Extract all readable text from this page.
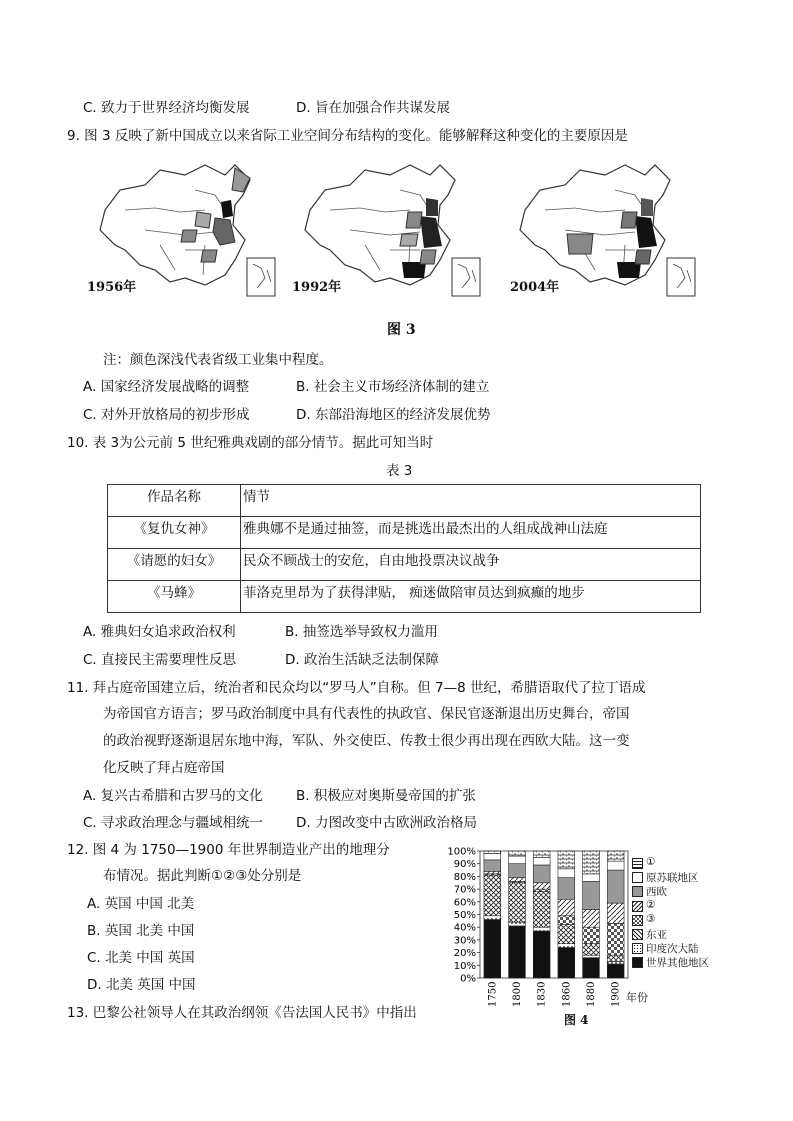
C. 致力于世界经济均衡发展	D. 旨在加强合作共谋发展
9. 图 3 反映了新中国成立以来省际工业空间分布结构的变化。能够解释这种变化的主要原因是
1956年	1992年	2004年
图 3
注：颜色深浅代表省级工业集中程度。
A. 国家经济发展战略的调整	B. 社会主义市场经济体制的建立
C. 对外开放格局的初步形成	D. 东部沿海地区的经济发展优势
10. 表 3为公元前 5 世纪雅典戏剧的部分情节。据此可知当时
表 3
作品名称	情节
《复仇女神》	雅典娜不是通过抽签，而是挑选出最杰出的人组成战神山法庭
《请愿的妇女》	民众不顾战士的安危，自由地投票决议战争
《马蜂》	菲洛克里昂为了获得津贴， 痴迷做陪审员达到疯癫的地步
A. 雅典妇女追求政治权利	B. 抽签选举导致权力滥用
C. 直接民主需要理性反思	D. 政治生活缺乏法制保障
11. 拜占庭帝国建立后，统治者和民众均以“罗马人”自称。但 7—8 世纪，希腊语取代了拉丁语成
为帝国官方语言；罗马政治制度中具有代表性的执政官、保民官逐渐退出历史舞台，帝国
的政治视野逐渐退居东地中海，军队、外交使臣、传教士很少再出现在西欧大陆。这一变
化反映了拜占庭帝国
A. 复兴古希腊和古罗马的文化 B. 积极应对奥斯曼帝国的扩张
C. 寻求政治理念与疆域相统一 D. 力图改变中古欧洲政治格局
12. 图 4 为 1750—1900 年世界制造业产出的地理分
布情况。据此判断①②③处分别是
A. 英国 中国 北美
B. 英国 北美 中国
C. 北美 中国 英国
D. 北美 英国 中国
13. 巴黎公社领导人在其政治纲领《告法国人民书》中指出
0%
10%
20%
30%
40%
50%
60%
70%
80%
90%
100%
1750 1800 1830 1860 1880 1900
①
原苏联地区
西欧
②
③
东亚
印度次大陆
世界其他地区
图 4
年份
